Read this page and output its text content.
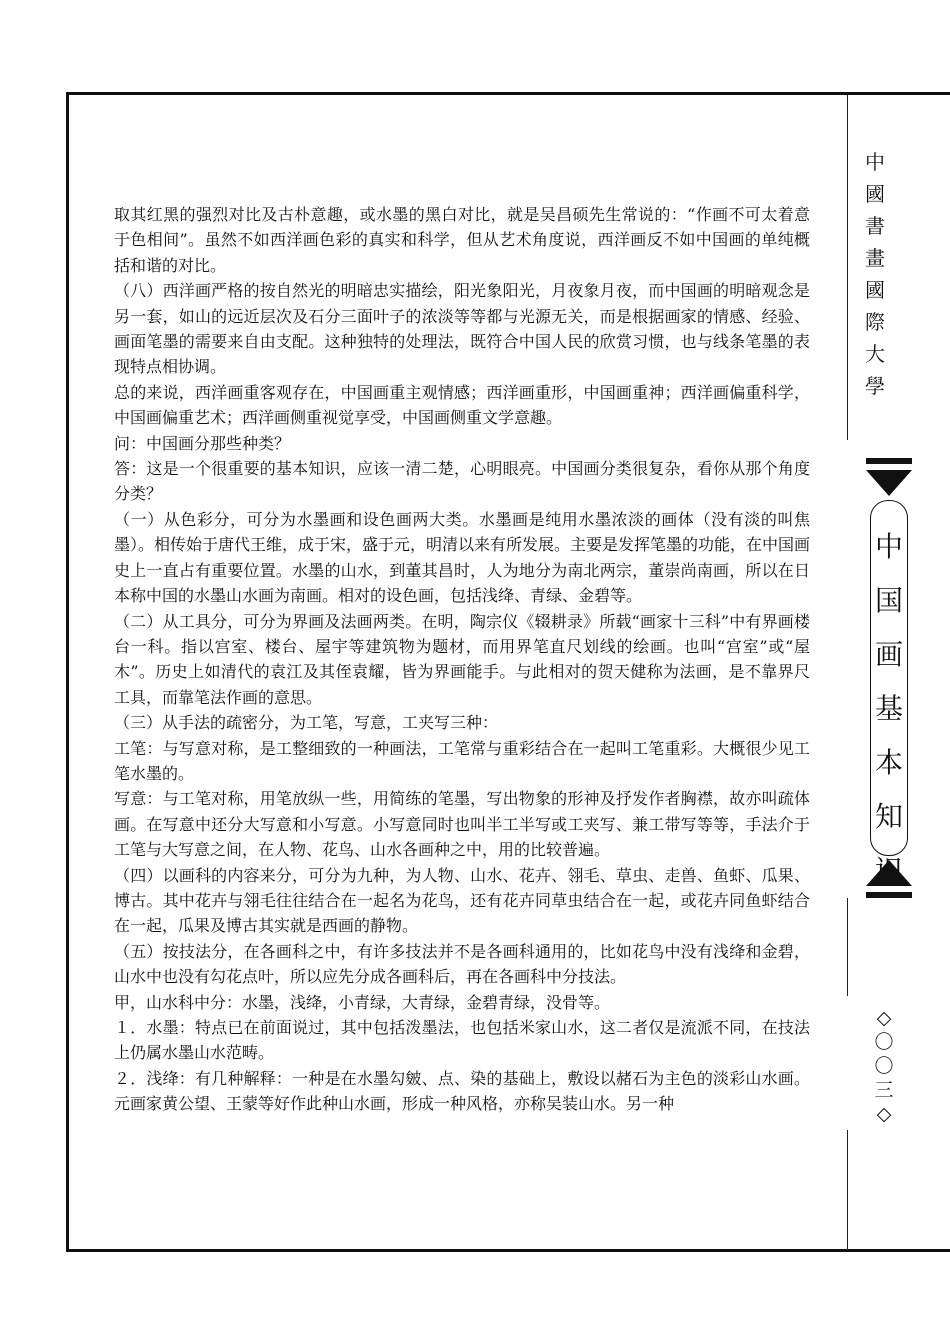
中
國
書
畫
國
際
大
學
中
国
画
基
本
知
识
◇
〇
〇
三
◇

取其红黑的强烈对比及古朴意趣，或水墨的黑白对比，就是吴昌硕先生常说的：“作画不可太着意于色相间”。虽然不如西洋画色彩的真实和科学，但从艺术角度说，西洋画反不如中国画的单纯概括和谐的对比。

（八）西洋画严格的按自然光的明暗忠实描绘，阳光象阳光，月夜象月夜，而中国画的明暗观念是另一套，如山的远近层次及石分三面叶子的浓淡等等都与光源无关，而是根据画家的情感、经验、画面笔墨的需要来自由支配。这种独特的处理法，既符合中国人民的欣赏习惯，也与线条笔墨的表现特点相协调。

总的来说，西洋画重客观存在，中国画重主观情感；西洋画重形，中国画重神；西洋画偏重科学，中国画偏重艺术；西洋画侧重视觉享受，中国画侧重文学意趣。

问：中国画分那些种类？

答：这是一个很重要的基本知识，应该一清二楚，心明眼亮。中国画分类很复杂，看你从那个角度分类？

（一）从色彩分，可分为水墨画和设色画两大类。水墨画是纯用水墨浓淡的画体（没有淡的叫焦墨）。相传始于唐代王维，成于宋，盛于元，明清以来有所发展。主要是发挥笔墨的功能，在中国画史上一直占有重要位置。水墨的山水，到董其昌时，人为地分为南北两宗，董崇尚南画，所以在日本称中国的水墨山水画为南画。相对的设色画，包括浅绛、青绿、金碧等。

（二）从工具分，可分为界画及法画两类。在明，陶宗仪《辍耕录》所载“画家十三科”中有界画楼台一科。指以宫室、楼台、屋宇等建筑物为题材，而用界笔直尺划线的绘画。也叫“宫室”或“屋木”。历史上如清代的袁江及其侄袁耀，皆为界画能手。与此相对的贺天健称为法画，是不靠界尺工具，而靠笔法作画的意思。

（三）从手法的疏密分，为工笔，写意，工夹写三种：

工笔：与写意对称，是工整细致的一种画法，工笔常与重彩结合在一起叫工笔重彩。大概很少见工笔水墨的。

写意：与工笔对称，用笔放纵一些，用简练的笔墨，写出物象的形神及抒发作者胸襟，故亦叫疏体画。在写意中还分大写意和小写意。小写意同时也叫半工半写或工夹写、兼工带写等等，手法介于工笔与大写意之间，在人物、花鸟、山水各画种之中，用的比较普遍。

（四）以画科的内容来分，可分为九种，为人物、山水、花卉、翎毛、草虫、走兽、鱼虾、瓜果、博古。其中花卉与翎毛往往结合在一起名为花鸟，还有花卉同草虫结合在一起，或花卉同鱼虾结合在一起，瓜果及博古其实就是西画的静物。

（五）按技法分，在各画科之中，有许多技法并不是各画科通用的，比如花鸟中没有浅绛和金碧，山水中也没有勾花点叶，所以应先分成各画科后，再在各画科中分技法。

甲，山水科中分：水墨，浅绛，小青绿，大青绿，金碧青绿，没骨等。

１．水墨：特点已在前面说过，其中包括泼墨法，也包括米家山水，这二者仅是流派不同，在技法上仍属水墨山水范畴。

２．浅绛：有几种解释：一种是在水墨勾皴、点、染的基础上，敷设以赭石为主色的淡彩山水画。元画家黄公望、王蒙等好作此种山水画，形成一种风格，亦称吴装山水。另一种
